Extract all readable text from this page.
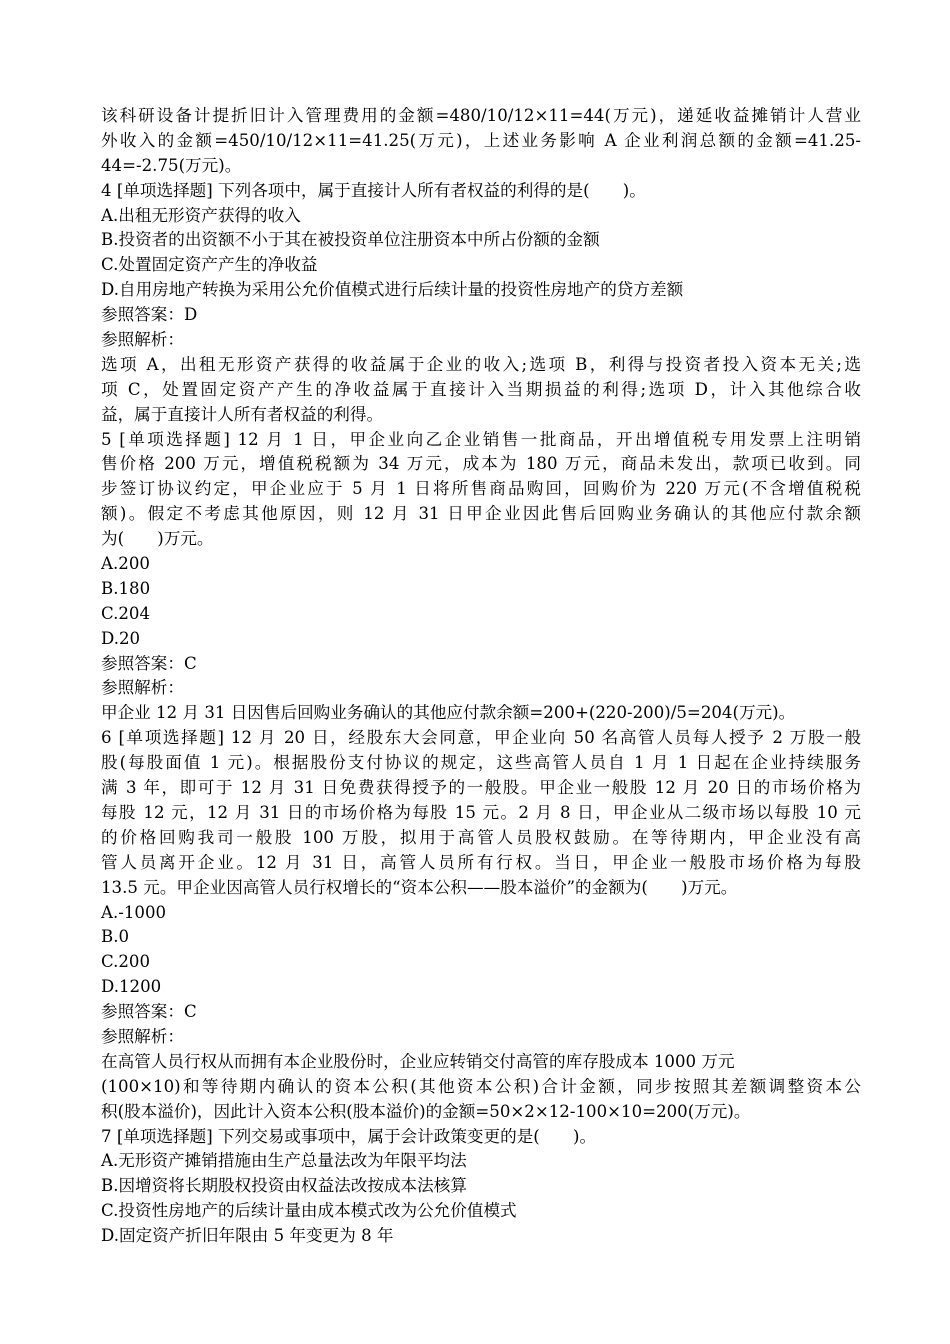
该科研设备计提折旧计入管理费用的金额=480/10/12×11=44(万元)，递延收益摊销计人营业
外收入的金额=450/10/12×11=41.25(万元)，上述业务影响 A 企业利润总额的金额=41.25-
44=-2.75(万元)。
4 [单项选择题] 下列各项中，属于直接计人所有者权益的利得的是(　　)。
A.出租无形资产获得的收入
B.投资者的出资额不小于其在被投资单位注册资本中所占份额的金额
C.处置固定资产产生的净收益
D.自用房地产转换为采用公允价值模式进行后续计量的投资性房地产的贷方差额
参照答案：D
参照解析：
选项 A，出租无形资产获得的收益属于企业的收入;选项 B，利得与投资者投入资本无关;选
项 C，处置固定资产产生的净收益属于直接计入当期损益的利得;选项 D，计入其他综合收
益，属于直接计人所有者权益的利得。
5 [单项选择题] 12 月 1 日，甲企业向乙企业销售一批商品，开出增值税专用发票上注明销
售价格 200 万元，增值税税额为 34 万元，成本为 180 万元，商品未发出，款项已收到。同
步签订协议约定，甲企业应于 5 月 1 日将所售商品购回，回购价为 220 万元(不含增值税税
额)。假定不考虑其他原因，则 12 月 31 日甲企业因此售后回购业务确认的其他应付款余额
为(　　)万元。
A.200
B.180
C.204
D.20
参照答案：C
参照解析：
甲企业 12 月 31 日因售后回购业务确认的其他应付款余额=200+(220-200)/5=204(万元)。
6 [单项选择题] 12 月 20 日，经股东大会同意，甲企业向 50 名高管人员每人授予 2 万股一般
股(每股面值 1 元)。根据股份支付协议的规定，这些高管人员自 1 月 1 日起在企业持续服务
满 3 年，即可于 12 月 31 日免费获得授予的一般股。甲企业一般股 12 月 20 日的市场价格为
每股 12 元，12 月 31 日的市场价格为每股 15 元。2 月 8 日，甲企业从二级市场以每股 10 元
的价格回购我司一般股 100 万股，拟用于高管人员股权鼓励。在等待期内，甲企业没有高
管人员离开企业。12 月 31 日，高管人员所有行权。当日，甲企业一般股市场价格为每股
13.5 元。甲企业因高管人员行权增长的“资本公积——股本溢价”的金额为(　　)万元。
A.-1000
B.0
C.200
D.1200
参照答案：C
参照解析：
在高管人员行权从而拥有本企业股份时，企业应转销交付高管的库存股成本 1000 万元
(100×10)和等待期内确认的资本公积(其他资本公积)合计金额，同步按照其差额调整资本公
积(股本溢价)，因此计入资本公积(股本溢价)的金额=50×2×12-100×10=200(万元)。
7 [单项选择题] 下列交易或事项中，属于会计政策变更的是(　　)。
A.无形资产摊销措施由生产总量法改为年限平均法
B.因增资将长期股权投资由权益法改按成本法核算
C.投资性房地产的后续计量由成本模式改为公允价值模式
D.固定资产折旧年限由 5 年变更为 8 年
